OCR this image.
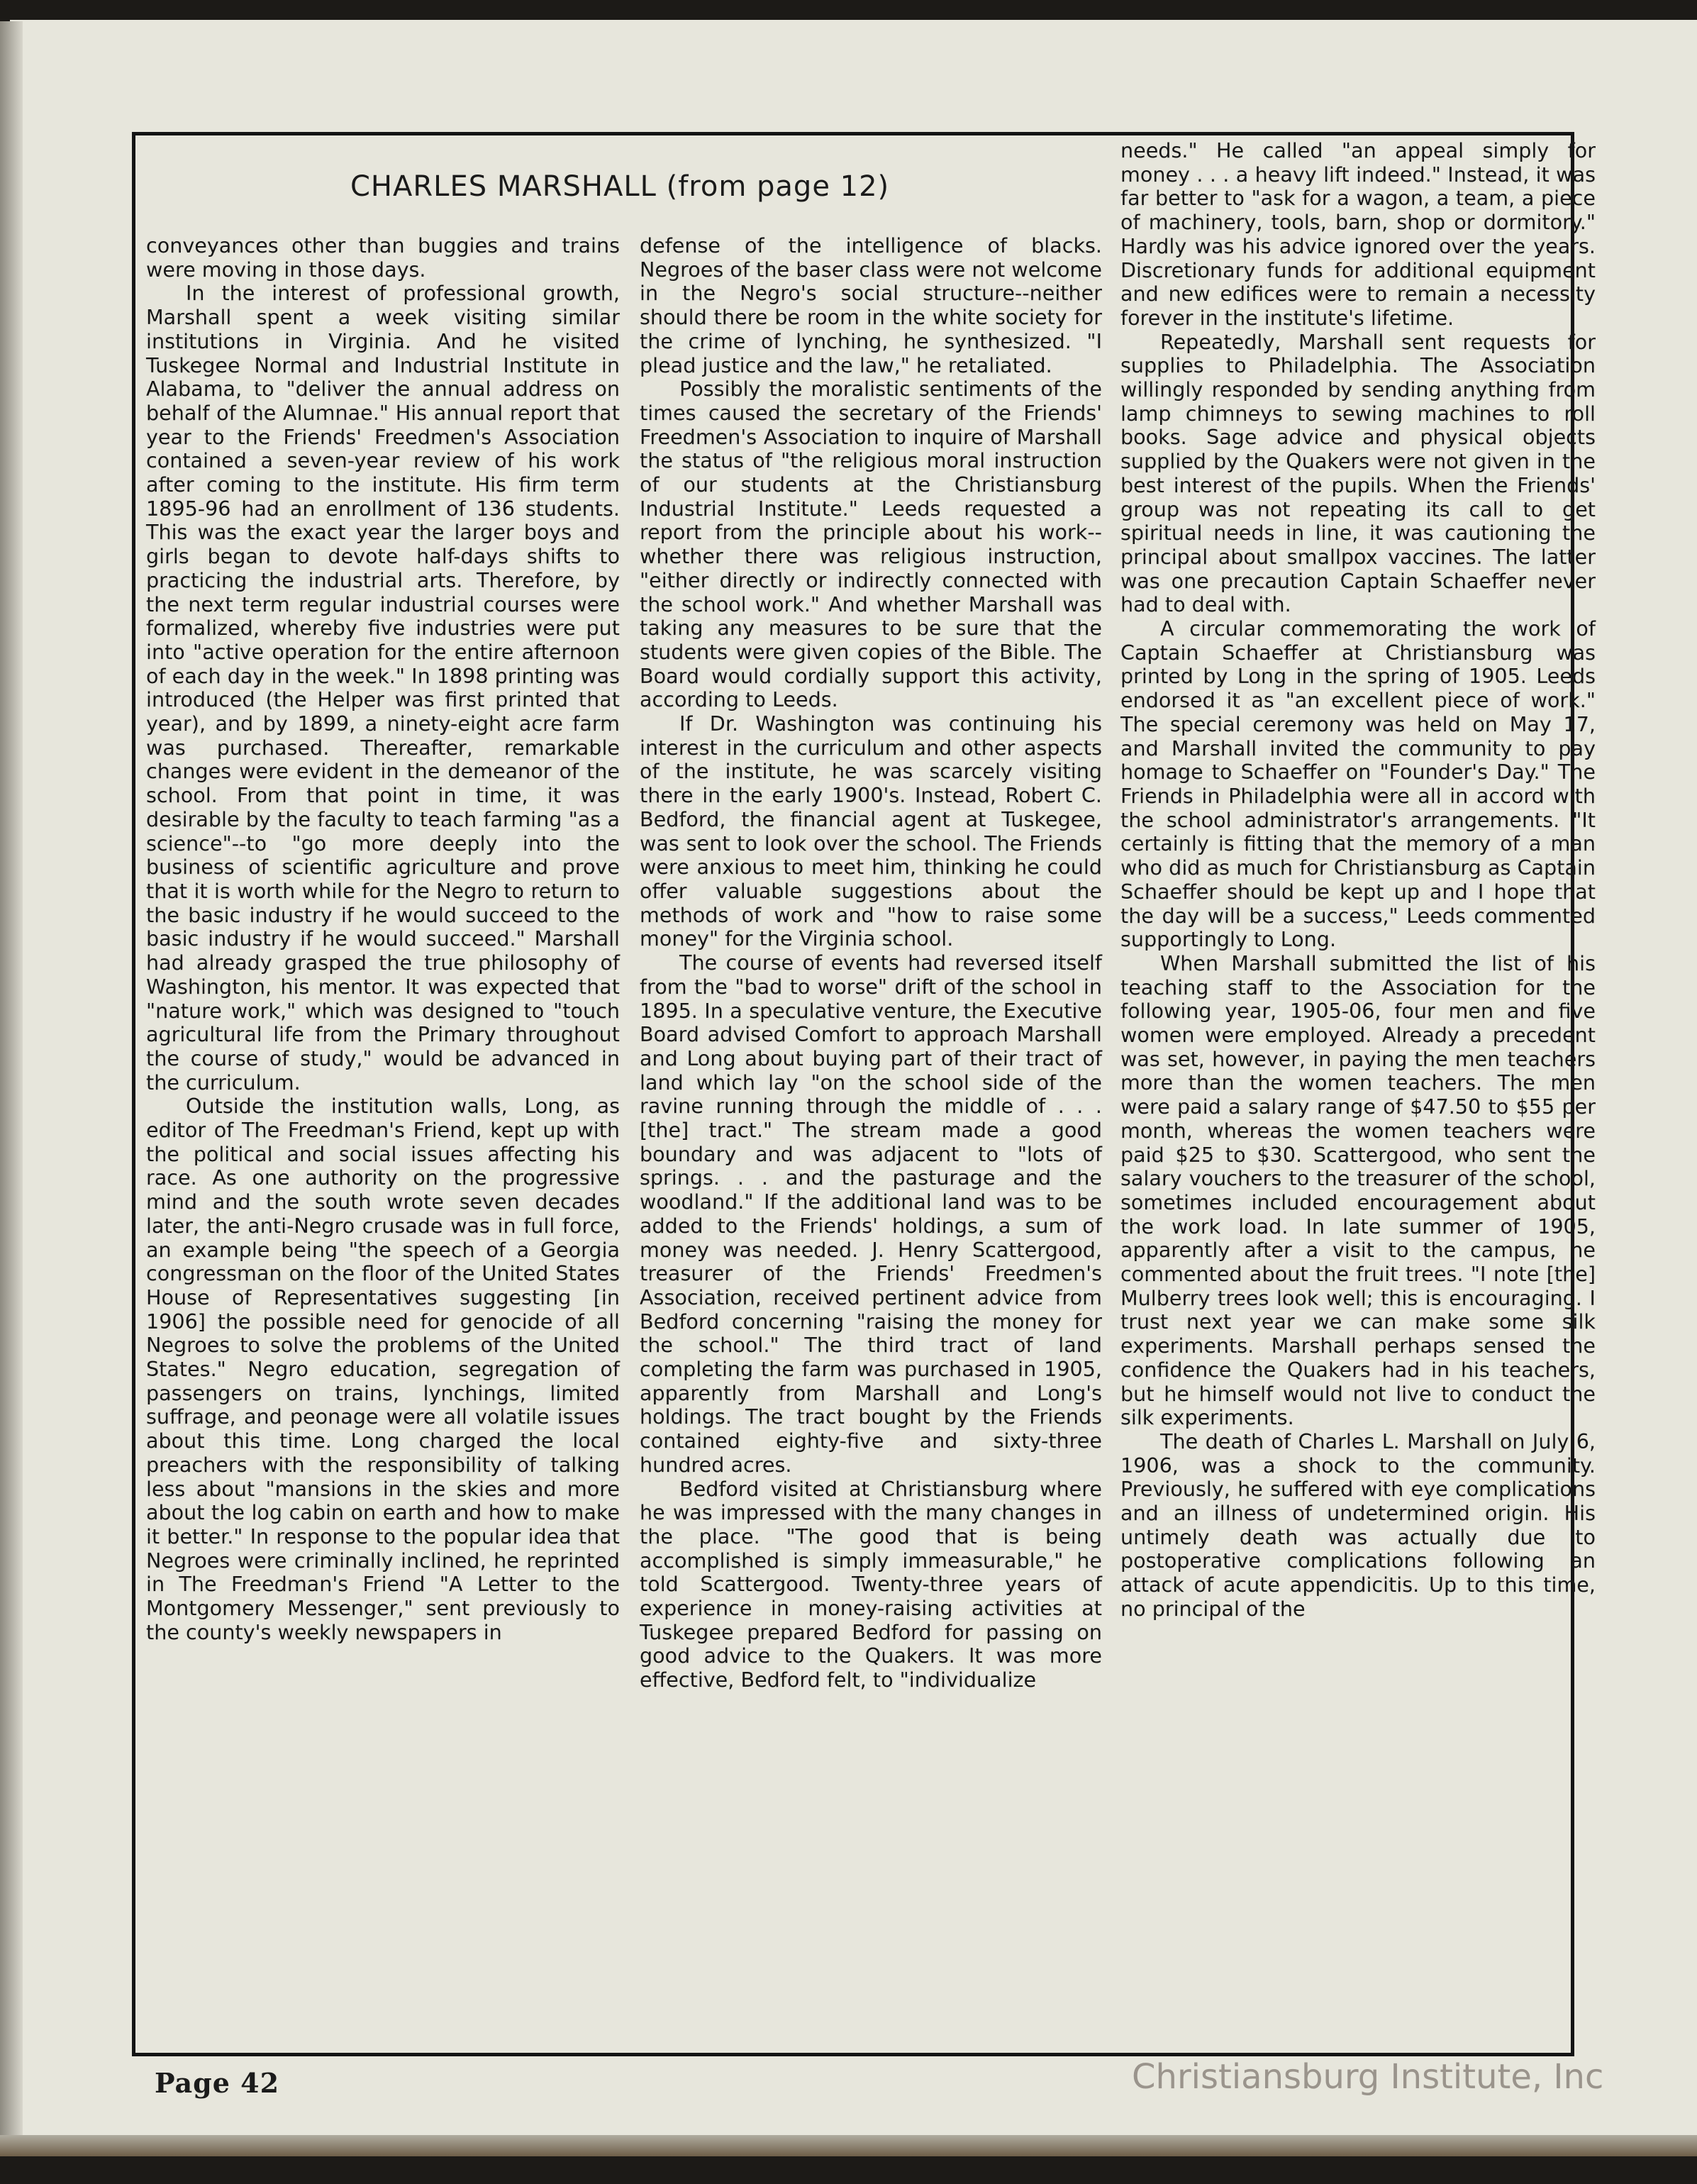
CHARLES MARSHALL (from page 12)

conveyances other than buggies and trains were moving in those days.

In the interest of professional growth, Marshall spent a week visiting similar institutions in Virginia. And he visited Tuskegee Normal and Industrial Institute in Alabama, to "deliver the annual address on behalf of the Alumnae." His annual report that year to the Friends' Freedmen's Association contained a seven-year review of his work after coming to the institute. His firm term 1895-96 had an enrollment of 136 students. This was the exact year the larger boys and girls began to devote half-days shifts to practicing the industrial arts. Therefore, by the next term regular industrial courses were formalized, whereby five industries were put into "active operation for the entire afternoon of each day in the week." In 1898 printing was introduced (the Helper was first printed that year), and by 1899, a ninety-eight acre farm was purchased. Thereafter, remarkable changes were evident in the demeanor of the school. From that point in time, it was desirable by the faculty to teach farming "as a science"--to "go more deeply into the business of scientific agriculture and prove that it is worth while for the Negro to return to the basic industry if he would succeed to the basic industry if he would succeed." Marshall had already grasped the true philosophy of Washington, his mentor. It was expected that "nature work," which was designed to "touch agricultural life from the Primary throughout the course of study," would be advanced in the curriculum.

Outside the institution walls, Long, as editor of The Freedman's Friend, kept up with the political and social issues affecting his race. As one authority on the progressive mind and the south wrote seven decades later, the anti-Negro crusade was in full force, an example being "the speech of a Georgia congressman on the floor of the United States House of Representatives suggesting [in 1906] the possible need for genocide of all Negroes to solve the problems of the United States." Negro education, segregation of passengers on trains, lynchings, limited suffrage, and peonage were all volatile issues about this time. Long charged the local preachers with the responsibility of talking less about "mansions in the skies and more about the log cabin on earth and how to make it better." In response to the popular idea that Negroes were criminally inclined, he reprinted in The Freedman's Friend "A Letter to the Montgomery Messenger," sent previously to the county's weekly newspapers in

defense of the intelligence of blacks. Negroes of the baser class were not welcome in the Negro's social structure--neither should there be room in the white society for the crime of lynching, he synthesized. "I plead justice and the law," he retaliated.

Possibly the moralistic sentiments of the times caused the secretary of the Friends' Freedmen's Association to inquire of Marshall the status of "the religious moral instruction of our students at the Christiansburg Industrial Institute." Leeds requested a report from the principle about his work--whether there was religious instruction, "either directly or indirectly connected with the school work." And whether Marshall was taking any measures to be sure that the students were given copies of the Bible. The Board would cordially support this activity, according to Leeds.

If Dr. Washington was continuing his interest in the curriculum and other aspects of the institute, he was scarcely visiting there in the early 1900's. Instead, Robert C. Bedford, the financial agent at Tuskegee, was sent to look over the school. The Friends were anxious to meet him, thinking he could offer valuable suggestions about the methods of work and "how to raise some money" for the Virginia school.

The course of events had reversed itself from the "bad to worse" drift of the school in 1895. In a speculative venture, the Executive Board advised Comfort to approach Marshall and Long about buying part of their tract of land which lay "on the school side of the ravine running through the middle of . . . [the] tract." The stream made a good boundary and was adjacent to "lots of springs. . . and the pasturage and the woodland." If the additional land was to be added to the Friends' holdings, a sum of money was needed. J. Henry Scattergood, treasurer of the Friends' Freedmen's Association, received pertinent advice from Bedford concerning "raising the money for the school." The third tract of land completing the farm was purchased in 1905, apparently from Marshall and Long's holdings. The tract bought by the Friends contained eighty-five and sixty-three hundred acres.

Bedford visited at Christiansburg where he was impressed with the many changes in the place. "The good that is being accomplished is simply immeasurable," he told Scattergood. Twenty-three years of experience in money-raising activities at Tuskegee prepared Bedford for passing on good advice to the Quakers. It was more effective, Bedford felt, to "individualize

needs." He called "an appeal simply for money . . . a heavy lift indeed." Instead, it was far better to "ask for a wagon, a team, a piece of machinery, tools, barn, shop or dormitory." Hardly was his advice ignored over the years. Discretionary funds for additional equipment and new edifices were to remain a necessity forever in the institute's lifetime.

Repeatedly, Marshall sent requests for supplies to Philadelphia. The Association willingly responded by sending anything from lamp chimneys to sewing machines to roll books. Sage advice and physical objects supplied by the Quakers were not given in the best interest of the pupils. When the Friends' group was not repeating its call to get spiritual needs in line, it was cautioning the principal about smallpox vaccines. The latter was one precaution Captain Schaeffer never had to deal with.

A circular commemorating the work of Captain Schaeffer at Christiansburg was printed by Long in the spring of 1905. Leeds endorsed it as "an excellent piece of work." The special ceremony was held on May 17, and Marshall invited the community to pay homage to Schaeffer on "Founder's Day." The Friends in Philadelphia were all in accord with the school administrator's arrangements. "It certainly is fitting that the memory of a man who did as much for Christiansburg as Captain Schaeffer should be kept up and I hope that the day will be a success," Leeds commented supportingly to Long.

When Marshall submitted the list of his teaching staff to the Association for the following year, 1905-06, four men and five women were employed. Already a precedent was set, however, in paying the men teachers more than the women teachers. The men were paid a salary range of $47.50 to $55 per month, whereas the women teachers were paid $25 to $30. Scattergood, who sent the salary vouchers to the treasurer of the school, sometimes included encouragement about the work load. In late summer of 1905, apparently after a visit to the campus, he commented about the fruit trees. "I note [the] Mulberry trees look well; this is encouraging. I trust next year we can make some silk experiments. Marshall perhaps sensed the confidence the Quakers had in his teachers, but he himself would not live to conduct the silk experiments.

The death of Charles L. Marshall on July 6, 1906, was a shock to the community. Previously, he suffered with eye complications and an illness of undetermined origin. His untimely death was actually due to postoperative complications following an attack of acute appendicitis. Up to this time, no principal of the

Page 42	Christiansburg Institute, Inc
